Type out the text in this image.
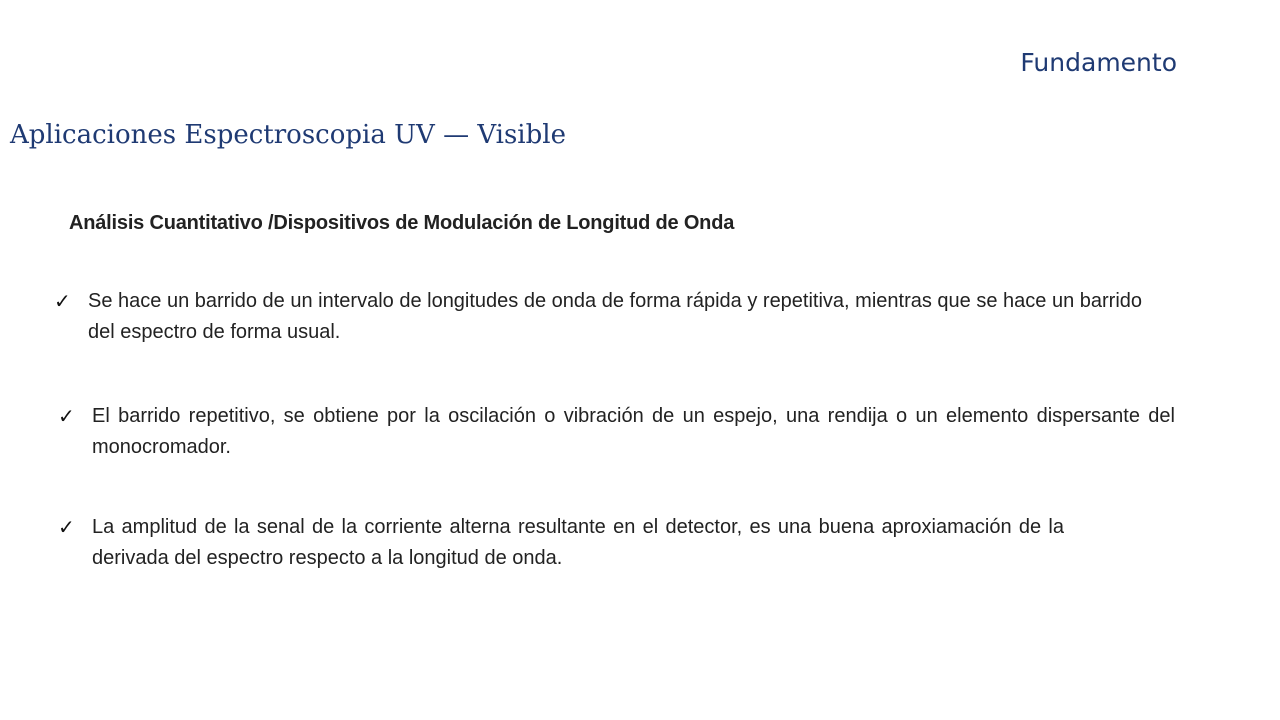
Fundamento
Aplicaciones Espectroscopia UV — Visible
Análisis Cuantitativo /Dispositivos de Modulación de Longitud de Onda
✓ Se hace un barrido de un intervalo de longitudes de onda de forma rápida y repetitiva, mientras que se hace un barrido del espectro de forma usual.
✓ El barrido repetitivo, se obtiene por la oscilación o vibración de un espejo, una rendija o un elemento dispersante del monocromador.
✓ La amplitud de la senal de la corriente alterna resultante en el detector, es una buena aproxiamación de la derivada del espectro respecto a la longitud de onda.
